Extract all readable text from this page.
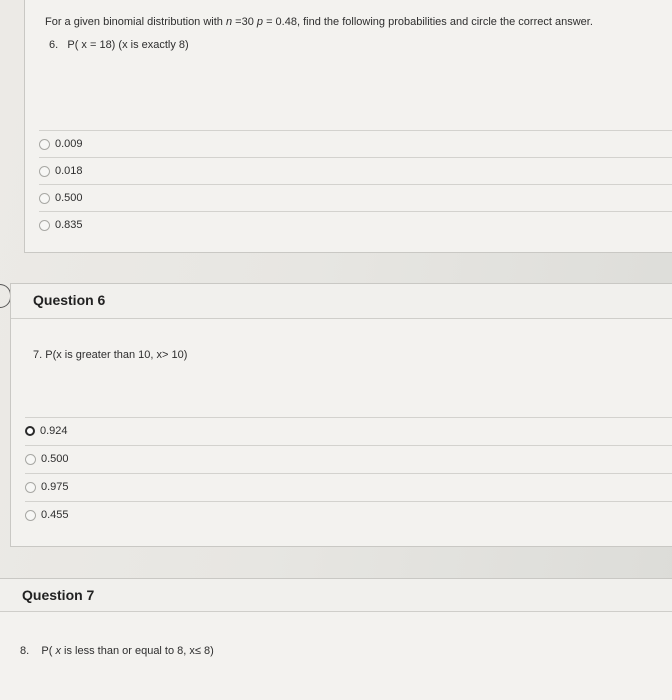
For a given binomial distribution with n =30 p = 0.48, find the following probabilities and circle the correct answer.
6. P( x = 18) (x is exactly 8)
0.009
0.018
0.500
0.835
Question 6
7. P(x is greater than 10, x> 10)
0.924
0.500
0.975
0.455
Question 7
8. P( x is less than or equal to 8, x≤ 8)
